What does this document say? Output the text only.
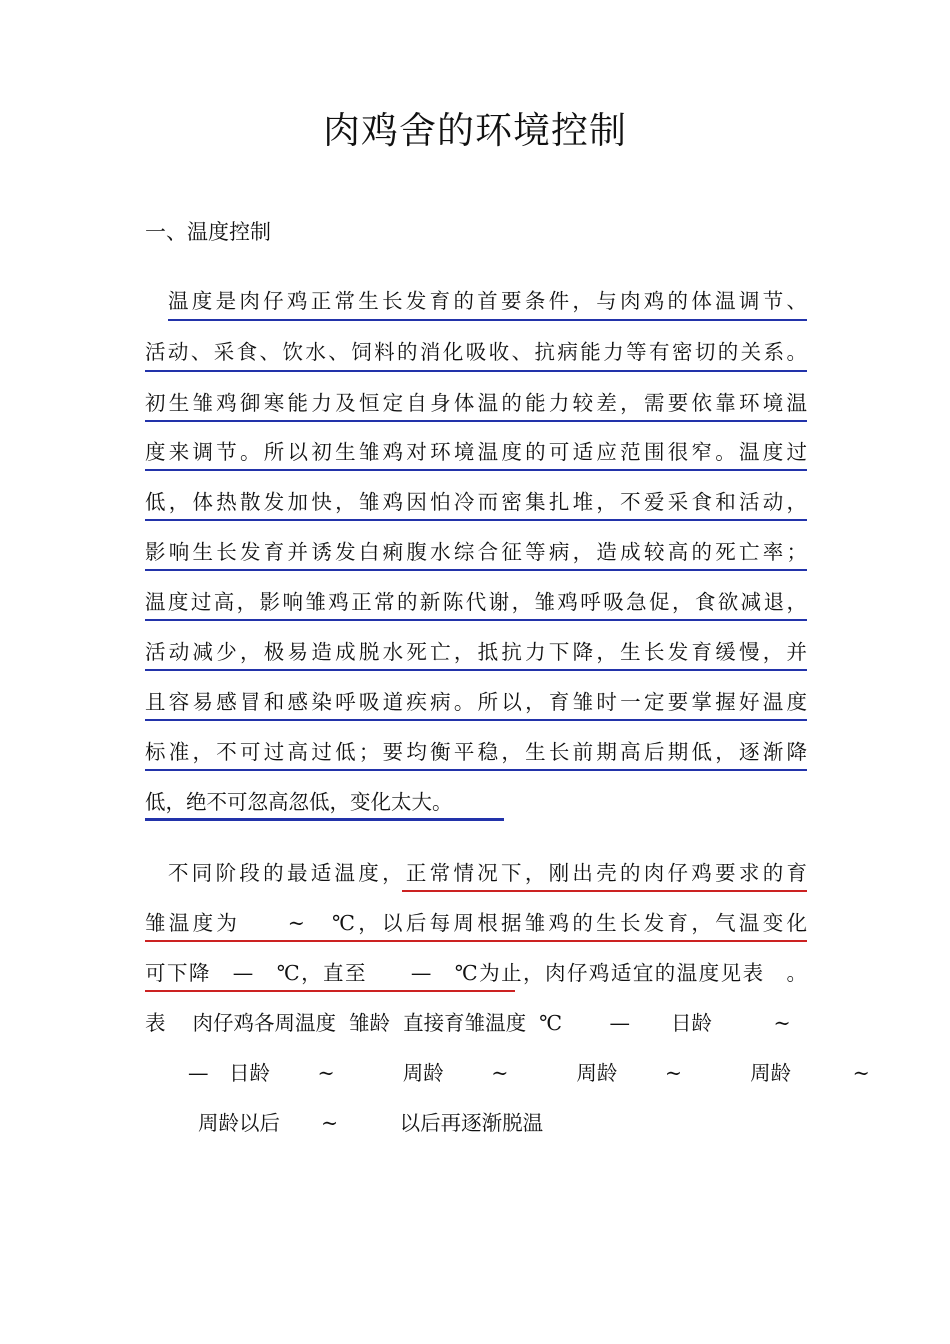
肉鸡舍的环境控制
一、温度控制
温度是肉仔鸡正常生长发育的首要条件，与肉鸡的体温调节、
活动、采食、饮水、饲料的消化吸收、抗病能力等有密切的关系。
初生雏鸡御寒能力及恒定自身体温的能力较差，需要依靠环境温
度来调节。所以初生雏鸡对环境温度的可适应范围很窄。温度过
低，体热散发加快，雏鸡因怕冷而密集扎堆，不爱采食和活动，
影响生长发育并诱发白痢腹水综合征等病，造成较高的死亡率；
温度过高，影响雏鸡正常的新陈代谢，雏鸡呼吸急促，食欲减退，
活动减少，极易造成脱水死亡，抵抗力下降，生长发育缓慢，并
且容易感冒和感染呼吸道疾病。所以，育雏时一定要掌握好温度
标准，不可过高过低；要均衡平稳，生长前期高后期低，逐渐降
低，绝不可忽高忽低，变化太大。
不同阶段的最适温度，正常情况下，刚出壳的肉仔鸡要求的育
雏温度为　　~　℃，以后每周根据雏鸡的生长发育，气温变化
可下降　—　℃，直至　　—　℃为止，肉仔鸡适宜的温度见表　。
表　 肉仔鸡各周温度  雏龄  直接育雏温度  ℃　　 —　　日龄　　　~
—　日龄　　 ~　　　 周龄　　 ~　　　 周龄　　 ~　　　 周龄　　　~
周龄以后　　~　　　以后再逐渐脱温
